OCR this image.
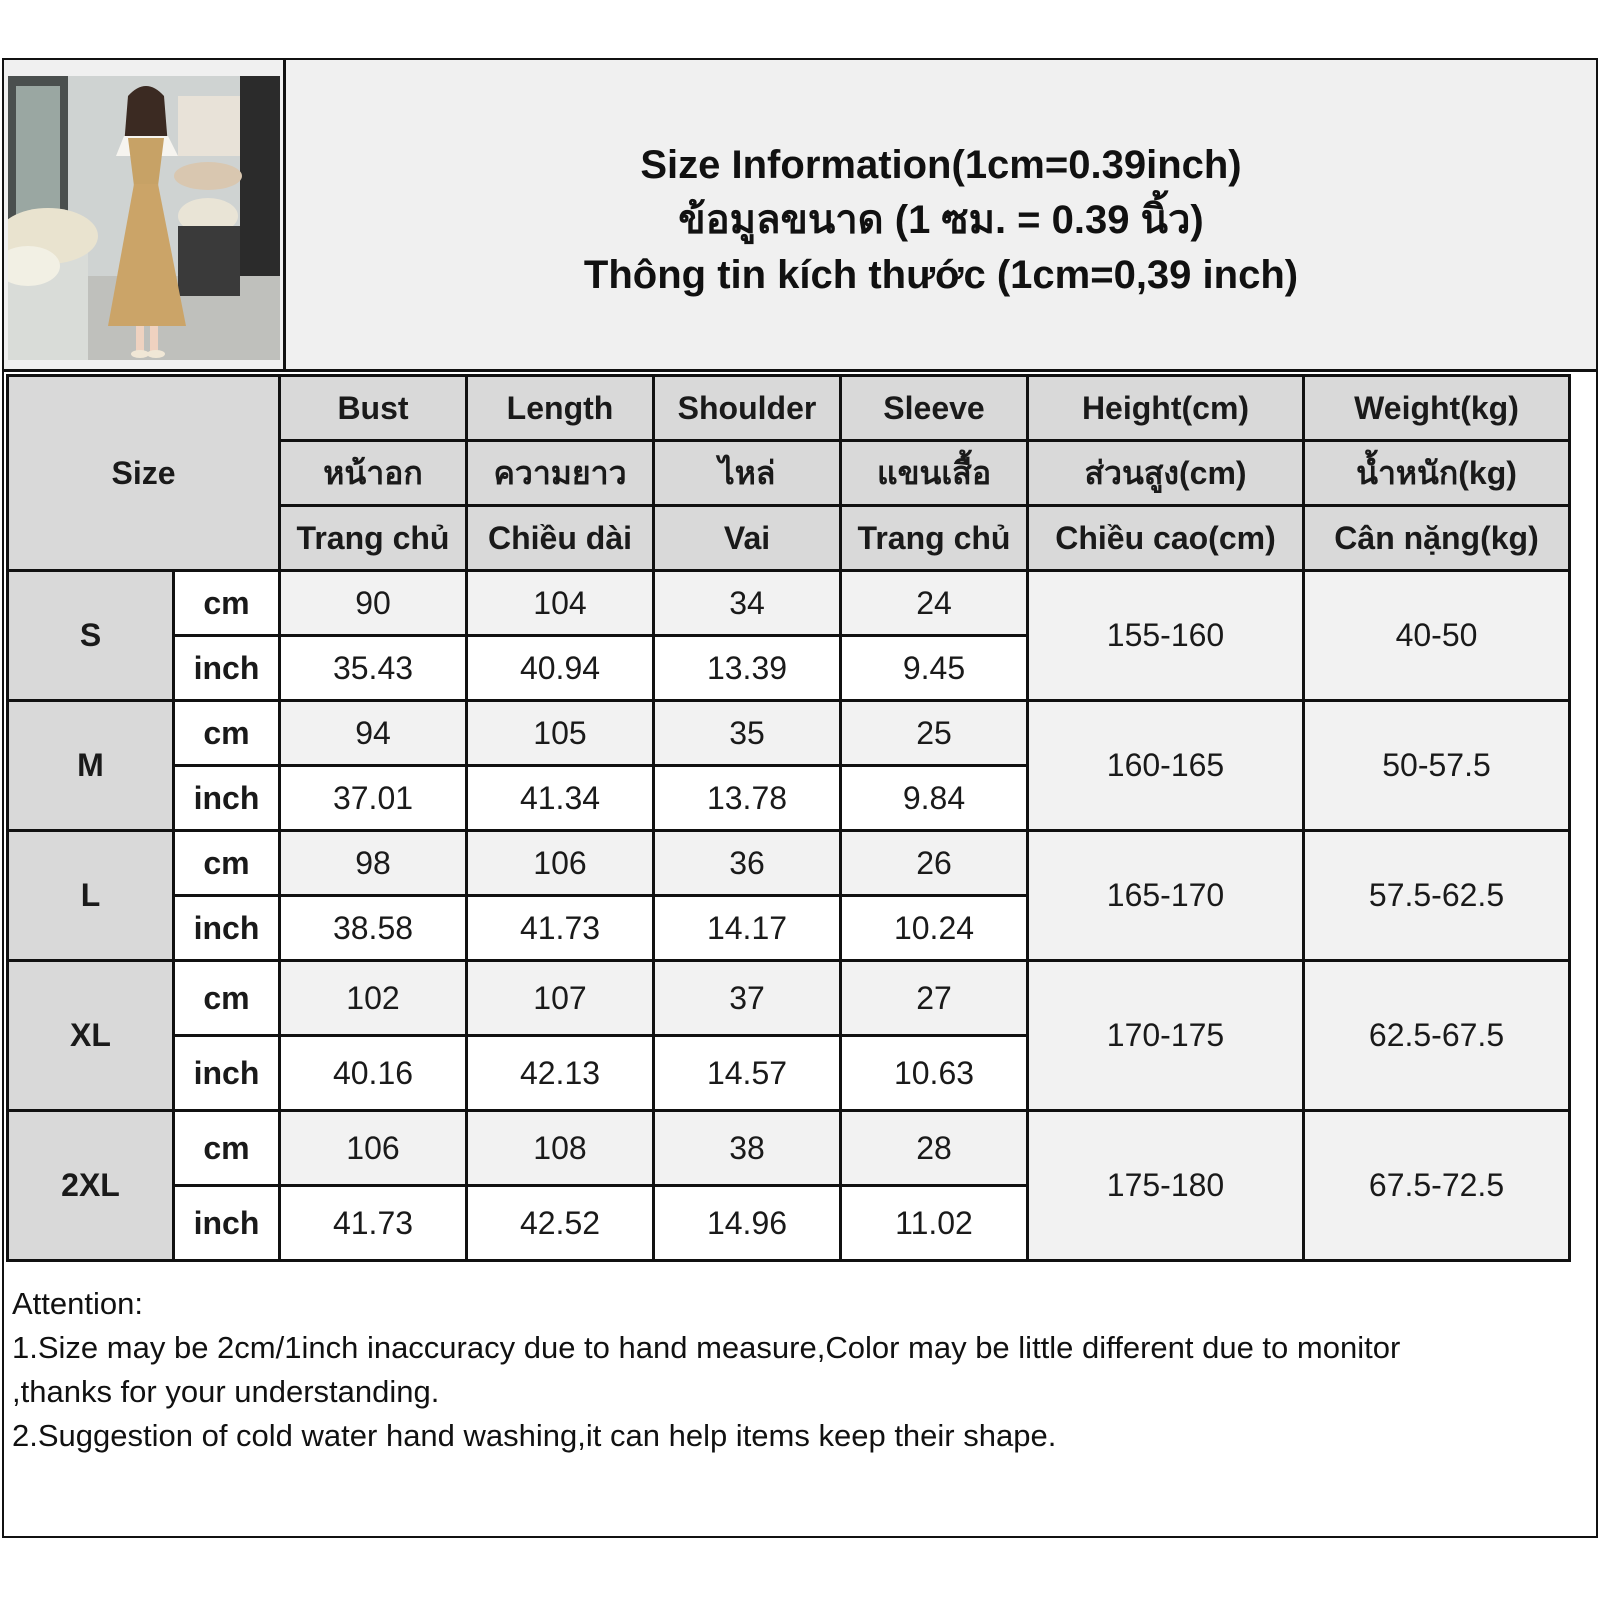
Size Information(1cm=0.39inch)
ข้อมูลขนาด (1 ซม. = 0.39 นิ้ว)
Thông tin kích thước (1cm=0,39 inch)
Size		Bust	Length	Shoulder	Sleeve	Height(cm)	Weight(kg)
		หน้าอก	ความยาว	ไหล่	แขนเสื้อ	ส่วนสูง(cm)	น้ำหนัก(kg)
		Trang chủ	Chiều dài	Vai	Trang chủ	Chiều cao(cm)	Cân nặng(kg)
S	cm	90	104	34	24	155-160	40-50
	inch	35.43	40.94	13.39	9.45		
M	cm	94	105	35	25	160-165	50-57.5
	inch	37.01	41.34	13.78	9.84		
L	cm	98	106	36	26	165-170	57.5-62.5
	inch	38.58	41.73	14.17	10.24		
XL	cm	102	107	37	27	170-175	62.5-67.5
	inch	40.16	42.13	14.57	10.63		
2XL	cm	106	108	38	28	175-180	67.5-72.5
	inch	41.73	42.52	14.96	11.02		
Attention:
1.Size may be 2cm/1inch inaccuracy due to hand measure,Color may be little different due to monitor
,thanks for your understanding.
2.Suggestion of cold water hand washing,it can help items keep their shape.
